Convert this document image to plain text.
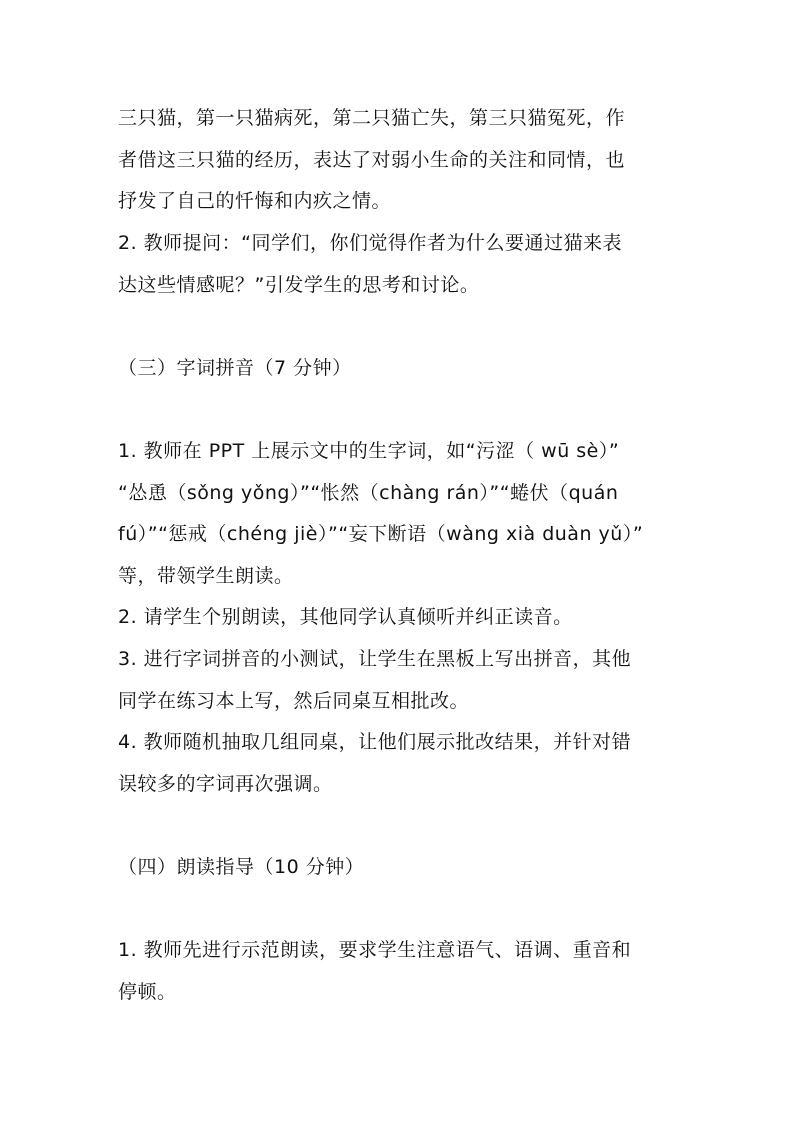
三只猫，第一只猫病死，第二只猫亡失，第三只猫冤死，作
者借这三只猫的经历，表达了对弱小生命的关注和同情，也
抒发了自己的忏悔和内疚之情。
2. 教师提问：“同学们，你们觉得作者为什么要通过猫来表
达这些情感呢？”引发学生的思考和讨论。
（三）字词拼音（7 分钟）
1. 教师在 PPT 上展示文中的生字词，如“污涩（ wū sè）”
“怂恿（sǒng yǒng）”“怅然（chàng rán）”“蜷伏（quán
fú）”“惩戒（chéng jiè）”“妄下断语（wàng xià duàn yǔ）”
等，带领学生朗读。
2. 请学生个别朗读，其他同学认真倾听并纠正读音。
3. 进行字词拼音的小测试，让学生在黑板上写出拼音，其他
同学在练习本上写，然后同桌互相批改。
4. 教师随机抽取几组同桌，让他们展示批改结果，并针对错
误较多的字词再次强调。
（四）朗读指导（10 分钟）
1. 教师先进行示范朗读，要求学生注意语气、语调、重音和
停顿。
